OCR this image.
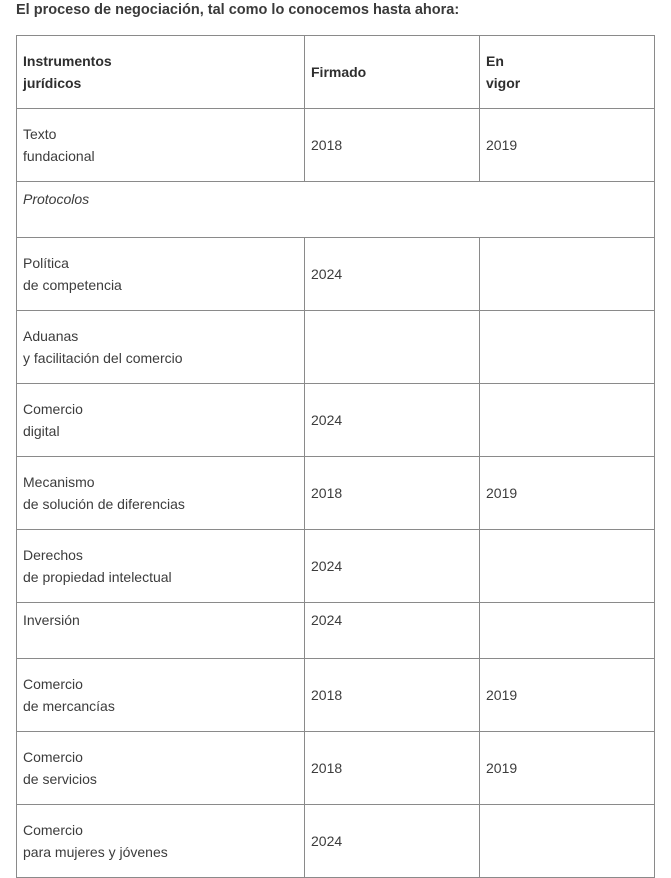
El proceso de negociación, tal como lo conocemos hasta ahora:
Instrumentos
jurídicos	Firmado	En
vigor

Texto
fundacional	2018	2019
Protocolos		

Política
de competencia	2024	

Aduanas
y facilitación del comercio		

Comercio
digital	2024	

Mecanismo
de solución de diferencias	2018	2019

Derechos
de propiedad intelectual	2024	

Inversión	2024	

Comercio
de mercancías	2018	2019

Comercio
de servicios	2018	2019

Comercio
para mujeres y jóvenes	2024	
